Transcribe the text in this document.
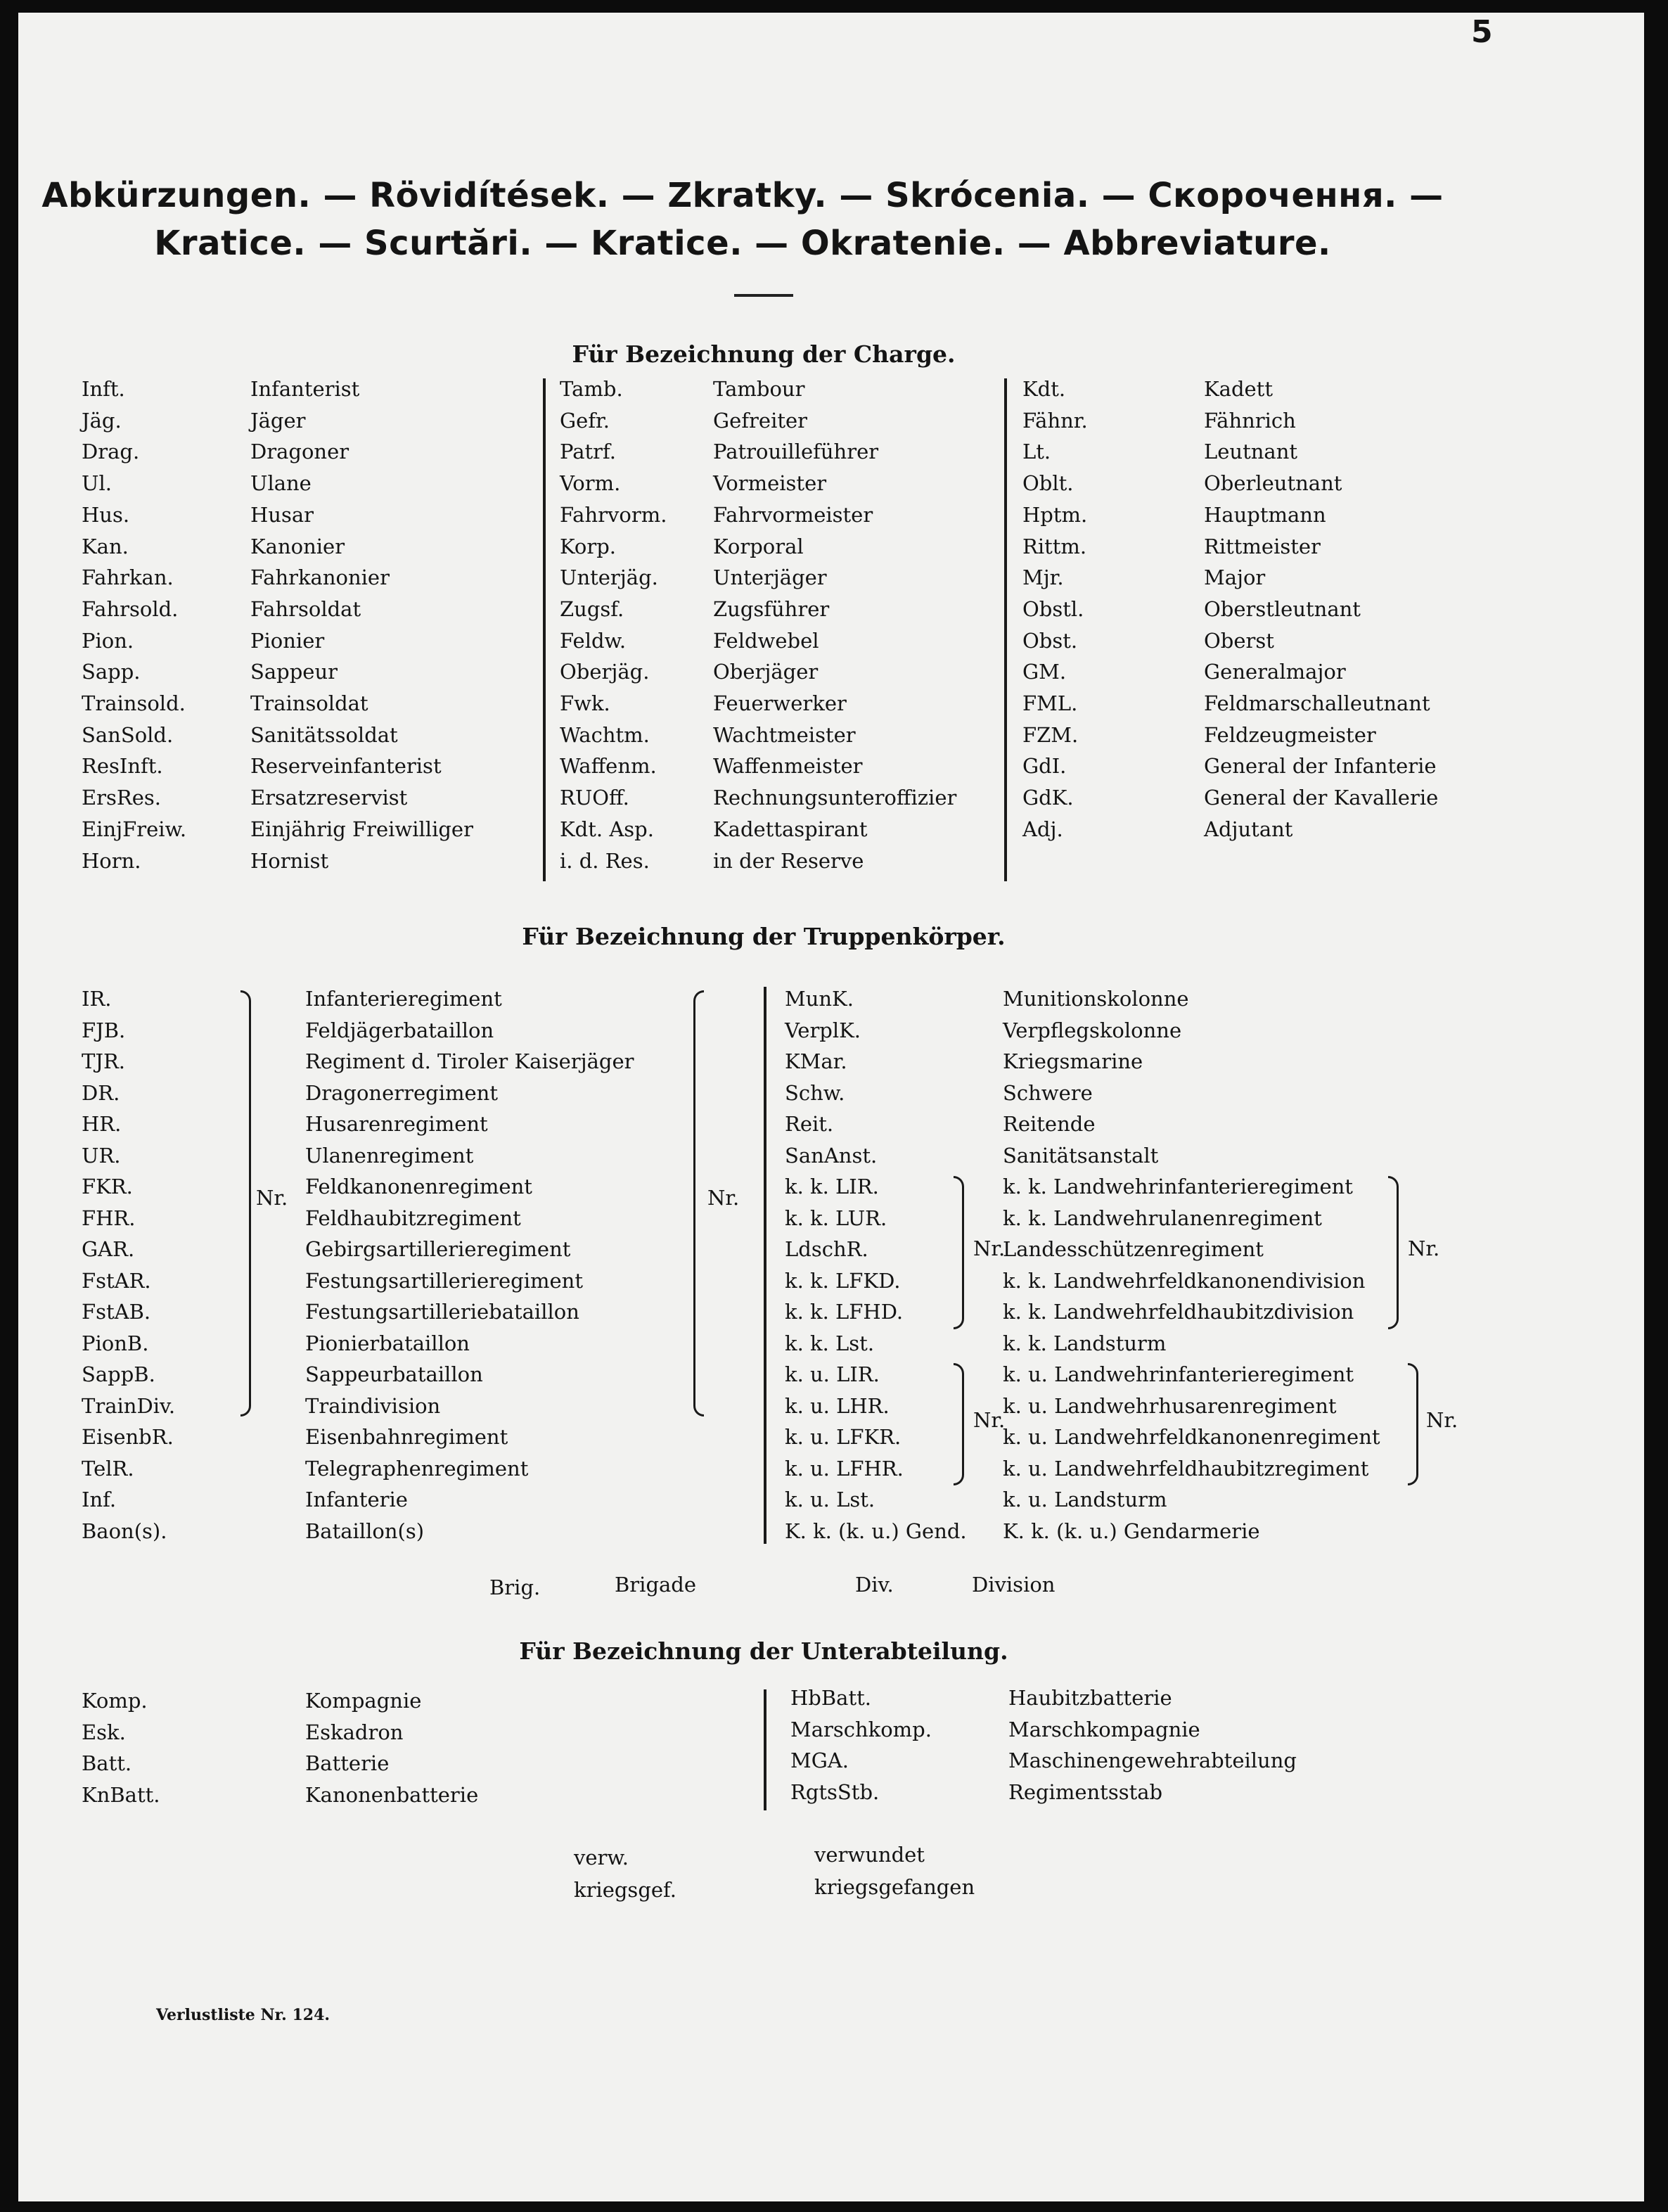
5
Abkürzungen. — Rövidítések. — Zkratky. — Skrócenia. — Скорочення. —
Kratice. — Scurtări. — Kratice. — Okratenie. — Abbreviature.
Für Bezeichnung der Charge.
Inft.	Infanterist
Jäg.	Jäger
Drag.	Dragoner
Ul.	Ulane
Hus.	Husar
Kan.	Kanonier
Fahrkan.	Fahrkanonier
Fahrsold.	Fahrsoldat
Pion.	Pionier
Sapp.	Sappeur
Trainsold.	Trainsoldat
SanSold.	Sanitätssoldat
ResInft.	Reserveinfanterist
ErsRes.	Ersatzreservist
EinjFreiw.	Einjährig Freiwilliger
Horn.	Hornist
Tamb.	Tambour
Gefr.	Gefreiter
Patrf.	Patrouilleführer
Vorm.	Vormeister
Fahrvorm.	Fahrvormeister
Korp.	Korporal
Unterjäg.	Unterjäger
Zugsf.	Zugsführer
Feldw.	Feldwebel
Oberjäg.	Oberjäger
Fwk.	Feuerwerker
Wachtm.	Wachtmeister
Waffenm.	Waffenmeister
RUOff.	Rechnungsunteroffizier
Kdt. Asp.	Kadettaspirant
i. d. Res.	in der Reserve
Kdt.	Kadett
Fähnr.	Fähnrich
Lt.	Leutnant
Oblt.	Oberleutnant
Hptm.	Hauptmann
Rittm.	Rittmeister
Mjr.	Major
Obstl.	Oberstleutnant
Obst.	Oberst
GM.	Generalmajor
FML.	Feldmarschalleutnant
FZM.	Feldzeugmeister
GdI.	General der Infanterie
GdK.	General der Kavallerie
Adj.	Adjutant
Für Bezeichnung der Truppenkörper.
IR.	Infanterieregiment
FJB.	Feldjägerbataillon
TJR.	Regiment d. Tiroler Kaiserjäger
DR.	Dragonerregiment
HR.	Husarenregiment
UR.	Ulanenregiment
FKR.	Feldkanonenregiment
FHR.	Feldhaubitzregiment
GAR.	Gebirgsartillerieregiment
FstAR.	Festungsartillerieregiment
FstAB.	Festungsartilleriebataillon
PionB.	Pionierbataillon
SappB.	Sappeurbataillon
TrainDiv.	Traindivision
EisenbR.	Eisenbahnregiment
TelR.	Telegraphenregiment
Inf.	Infanterie
Baon(s).	Bataillon(s)
Nr.	Nr.
MunK.	Munitionskolonne
VerplK.	Verpflegskolonne
KMar.	Kriegsmarine
Schw.	Schwere
Reit.	Reitende
SanAnst.	Sanitätsanstalt
k. k. LIR.	k. k. Landwehrinfanterieregiment
k. k. LUR.	k. k. Landwehrulanenregiment
LdschR.	Landesschützenregiment
k. k. LFKD.	k. k. Landwehrfeldkanonendivision
k. k. LFHD.	k. k. Landwehrfeldhaubitzdivision
k. k. Lst.	k. k. Landsturm
k. u. LIR.	k. u. Landwehrinfanterieregiment
k. u. LHR.	k. u. Landwehrhusarenregiment
k. u. LFKR.	k. u. Landwehrfeldkanonenregiment
k. u. LFHR.	k. u. Landwehrfeldhaubitzregiment
k. u. Lst.	k. u. Landsturm
K. k. (k. u.) Gend.	K. k. (k. u.) Gendarmerie
Nr.	Nr.
Nr.	Nr.
Brig.	Brigade	Div.	Division
Für Bezeichnung der Unterabteilung.
Komp.	Kompagnie
Esk.	Eskadron
Batt.	Batterie
KnBatt.	Kanonenbatterie
HbBatt.	Haubitzbatterie
Marschkomp.	Marschkompagnie
MGA.	Maschinengewehrabteilung
RgtsStb.	Regimentsstab
verw.	verwundet
kriegsgef.	kriegsgefangen
Verlustliste Nr. 124.
